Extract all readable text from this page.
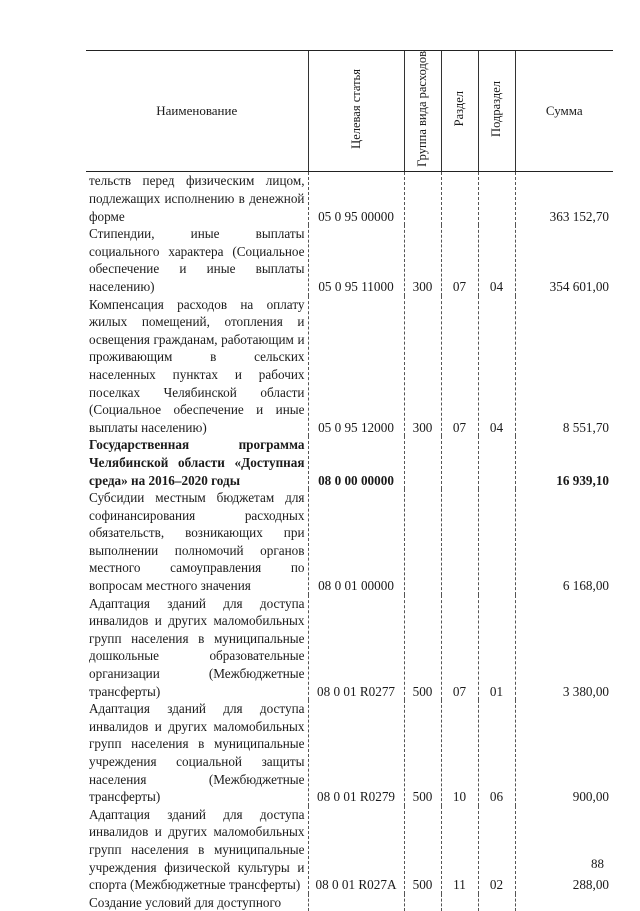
Наименование	Целевая статья	Группа вида расходов	Раздел	Подраздел	Сумма
тельств перед физическим лицом, подлежащих исполнению в денежной форме	05 0 95 00000				363 152,70
Стипендии, иные выплаты социального характера (Социальное обеспечение и иные выплаты населению)	05 0 95 11000	300	07	04	354 601,00
Компенсация расходов на оплату жилых помещений, отопления и освещения гражданам, работающим и проживающим в сельских населенных пунктах и рабочих поселках Челябинской области (Социальное обеспечение и иные выплаты населению)	05 0 95 12000	300	07	04	8 551,70
Государственная программа Челябинской области «Доступная среда» на 2016–2020 годы	08 0 00 00000				16 939,10
Субсидии местным бюджетам для софинансирования расходных обязательств, возникающих при выполнении полномочий органов местного самоуправления по вопросам местного значения	08 0 01 00000				6 168,00
Адаптация зданий для доступа инвалидов и других маломобильных групп населения в муниципальные дошкольные образовательные организации (Межбюджетные трансферты)	08 0 01 R0277	500	07	01	3 380,00
Адаптация зданий для доступа инвалидов и других маломобильных групп населения в муниципальные учреждения социальной защиты населения (Межбюджетные трансферты)	08 0 01 R0279	500	10	06	900,00
Адаптация зданий для доступа инвалидов и других маломобильных групп населения в муниципальные учреждения физической культуры и спорта (Межбюджетные трансферты)	08 0 01 R027A	500	11	02	288,00
Создание условий для доступного					
88
